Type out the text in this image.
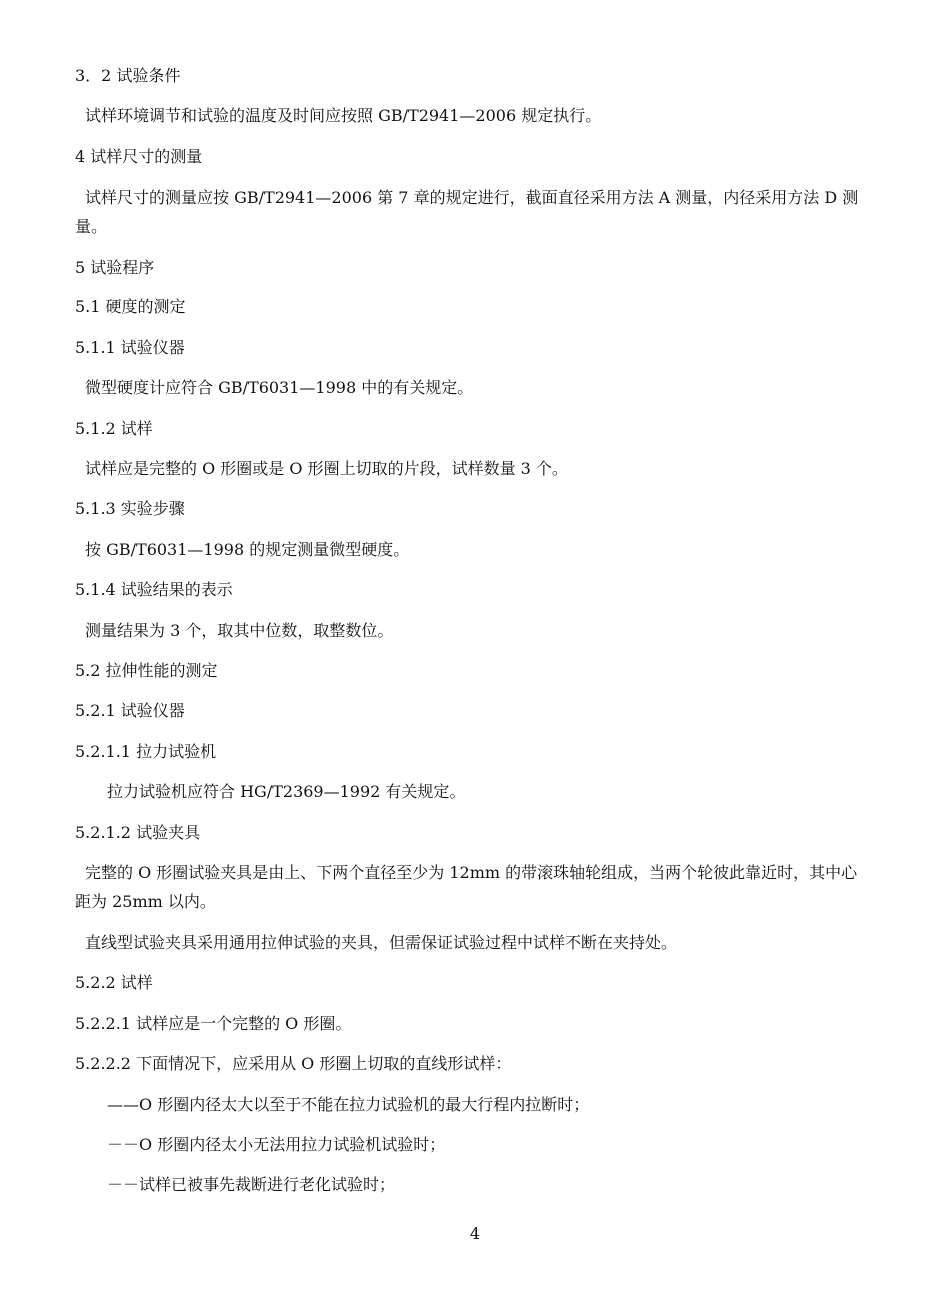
3．2 试验条件
试样环境调节和试验的温度及时间应按照 GB/T2941—2006 规定执行。
4 试样尺寸的测量
试样尺寸的测量应按 GB/T2941—2006 第 7 章的规定进行，截面直径采用方法 A 测量，内径采用方法 D 测量。
5 试验程序
5.1 硬度的测定
5.1.1 试验仪器
微型硬度计应符合 GB/T6031—1998 中的有关规定。
5.1.2 试样
试样应是完整的 O 形圈或是 O 形圈上切取的片段，试样数量 3 个。
5.1.3 实验步骤
按 GB/T6031—1998 的规定测量微型硬度。
5.1.4 试验结果的表示
测量结果为 3 个，取其中位数，取整数位。
5.2 拉伸性能的测定
5.2.1 试验仪器
5.2.1.1 拉力试验机
拉力试验机应符合 HG/T2369—1992 有关规定。
5.2.1.2 试验夹具
完整的 O 形圈试验夹具是由上、下两个直径至少为 12mm 的带滚珠轴轮组成，当两个轮彼此靠近时，其中心距为 25mm 以内。
直线型试验夹具采用通用拉伸试验的夹具，但需保证试验过程中试样不断在夹持处。
5.2.2 试样
5.2.2.1 试样应是一个完整的 O 形圈。
5.2.2.2 下面情况下，应采用从 O 形圈上切取的直线形试样：
——O 形圈内径太大以至于不能在拉力试验机的最大行程内拉断时；
－－O 形圈内径太小无法用拉力试验机试验时；
－－试样已被事先裁断进行老化试验时；
4
